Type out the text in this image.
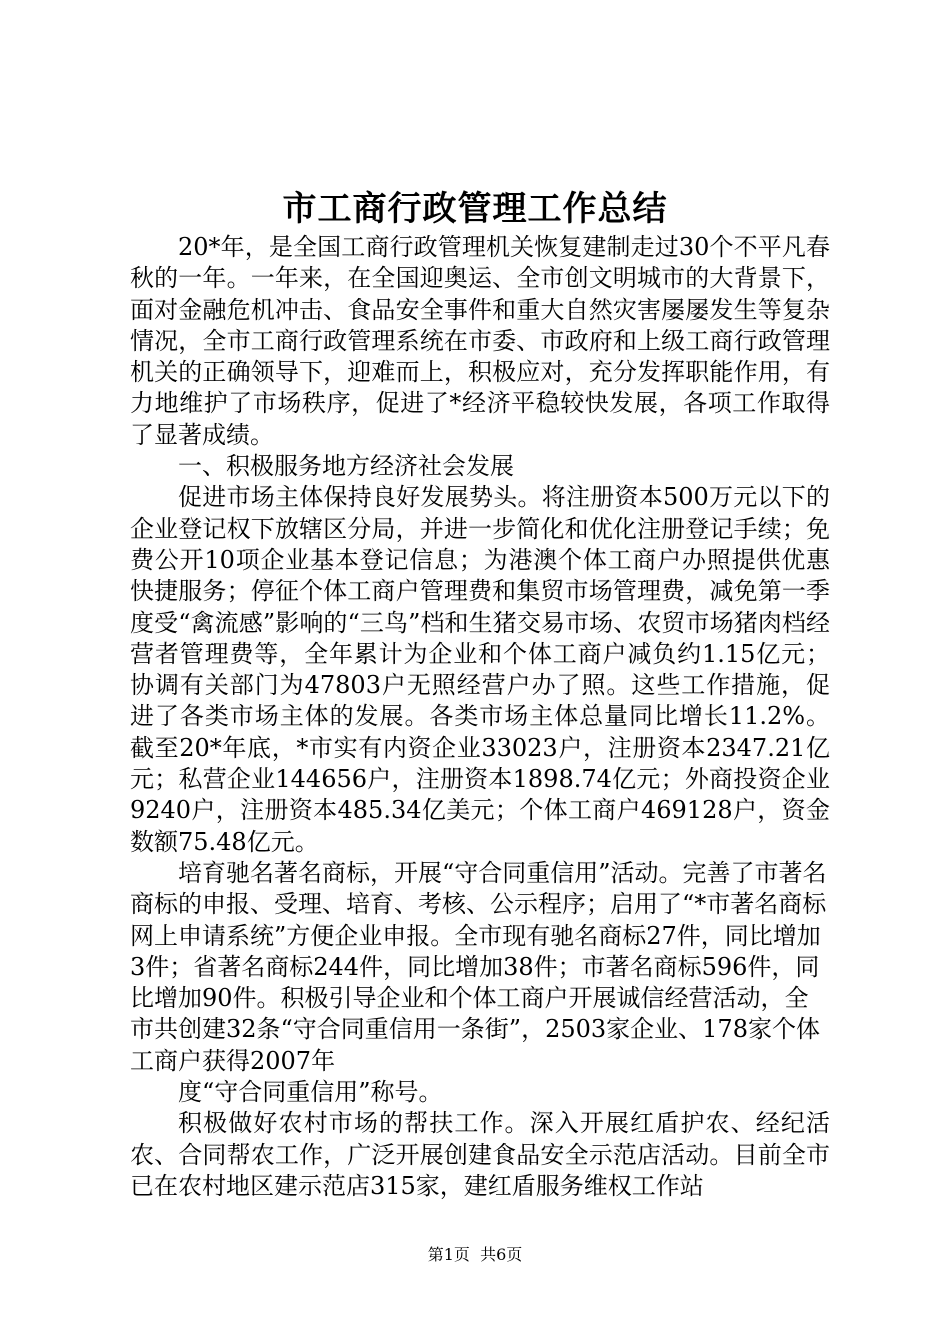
市工商行政管理工作总结

20*年，是全国工商行政管理机关恢复建制走过30个不平凡春秋的一年。一年来，在全国迎奥运、全市创文明城市的大背景下，面对金融危机冲击、食品安全事件和重大自然灾害屡屡发生等复杂情况，全市工商行政管理系统在市委、市政府和上级工商行政管理机关的正确领导下，迎难而上，积极应对，充分发挥职能作用，有力地维护了市场秩序，促进了*经济平稳较快发展，各项工作取得了显著成绩。

一、积极服务地方经济社会发展

促进市场主体保持良好发展势头。将注册资本500万元以下的企业登记权下放辖区分局，并进一步简化和优化注册登记手续；免费公开10项企业基本登记信息；为港澳个体工商户办照提供优惠快捷服务；停征个体工商户管理费和集贸市场管理费，减免第一季度受“禽流感”影响的“三鸟”档和生猪交易市场、农贸市场猪肉档经营者管理费等，全年累计为企业和个体工商户减负约1.15亿元；协调有关部门为47803户无照经营户办了照。这些工作措施，促进了各类市场主体的发展。各类市场主体总量同比增长11.2%。截至20*年底，*市实有内资企业33023户，注册资本2347.21亿元；私营企业144656户，注册资本1898.74亿元；外商投资企业9240户，注册资本485.34亿美元；个体工商户469128户，资金数额75.48亿元。

培育驰名著名商标，开展“守合同重信用”活动。完善了市著名商标的申报、受理、培育、考核、公示程序；启用了“*市著名商标网上申请系统”方便企业申报。全市现有驰名商标27件，同比增加3件；省著名商标244件，同比增加38件；市著名商标596件，同比增加90件。积极引导企业和个体工商户开展诚信经营活动，全市共创建32条“守合同重信用一条街”，2503家企业、178家个体工商户获得2007年

度“守合同重信用”称号。

积极做好农村市场的帮扶工作。深入开展红盾护农、经纪活农、合同帮农工作，广泛开展创建食品安全示范店活动。目前全市已在农村地区建示范店315家，建红盾服务维权工作站

第1页  共6页
